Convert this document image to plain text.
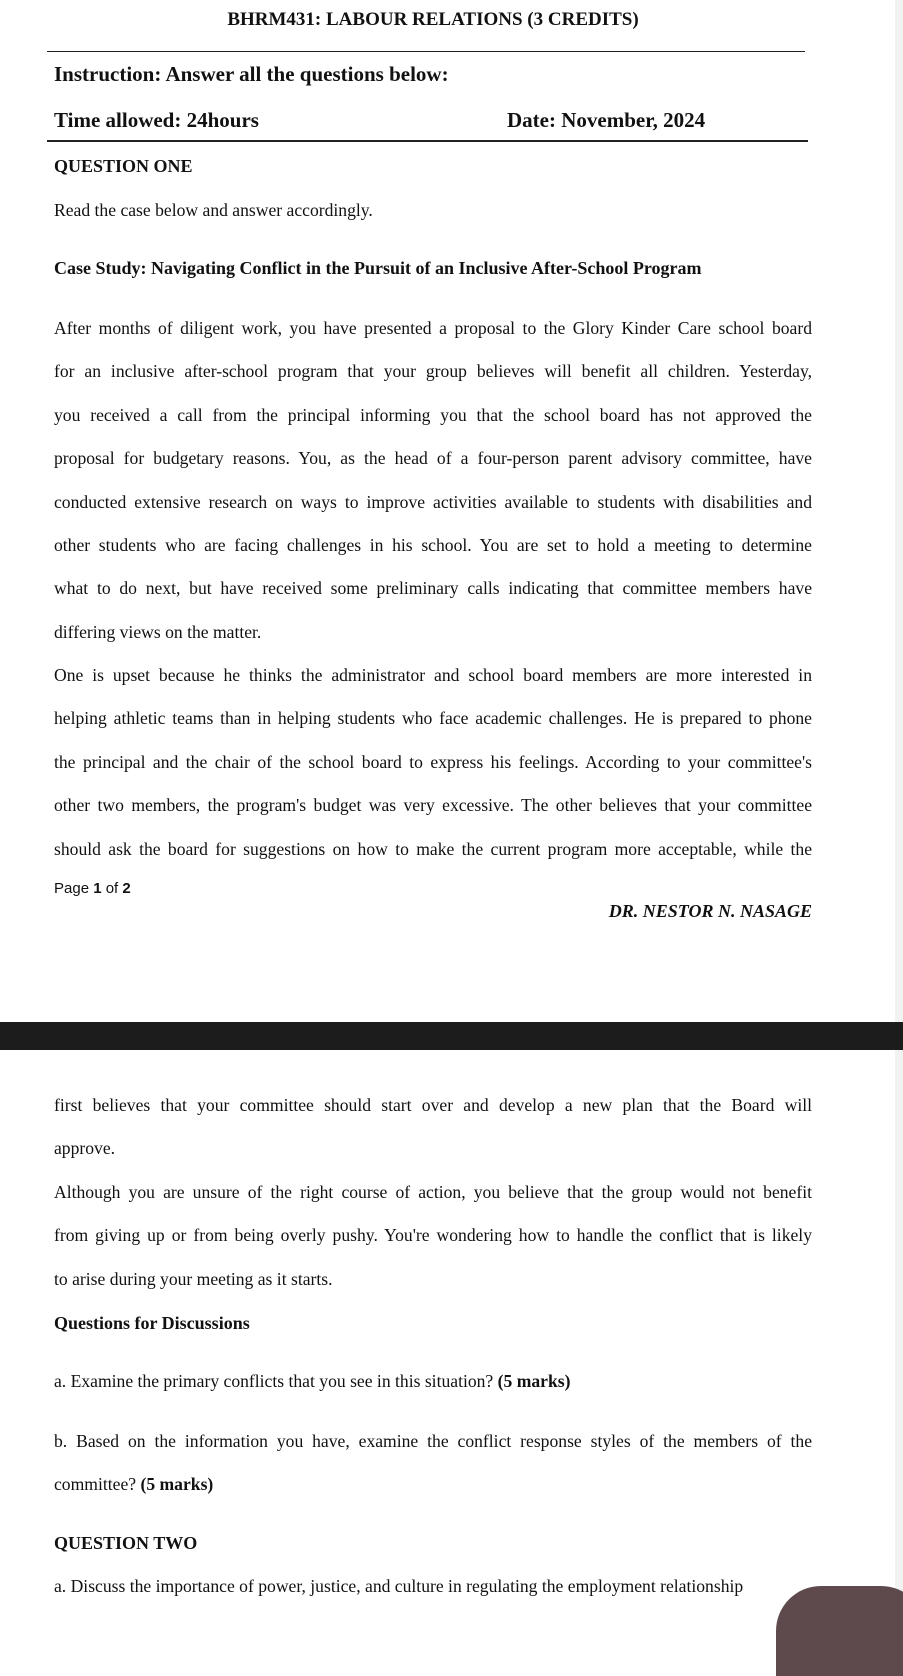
BHRM431: LABOUR RELATIONS (3 CREDITS)
Instruction: Answer all the questions below:
Time allowed: 24hours	Date: November, 2024
QUESTION ONE
Read the case below and answer accordingly.
Case Study: Navigating Conflict in the Pursuit of an Inclusive After-School Program

After months of diligent work, you have presented a proposal to the Glory Kinder Care school board
for an inclusive after-school program that your group believes will benefit all children. Yesterday,
you received a call from the principal informing you that the school board has not approved the
proposal for budgetary reasons. You, as the head of a four-person parent advisory committee, have
conducted extensive research on ways to improve activities available to students with disabilities and
other students who are facing challenges in his school. You are set to hold a meeting to determine
what to do next, but have received some preliminary calls indicating that committee members have
differing views on the matter.

One is upset because he thinks the administrator and school board members are more interested in
helping athletic teams than in helping students who face academic challenges. He is prepared to phone
the principal and the chair of the school board to express his feelings. According to your committee's
other two members, the program's budget was very excessive. The other believes that your committee
should ask the board for suggestions on how to make the current program more acceptable, while the

Page 1 of 2
DR. NESTOR N. NASAGE

first believes that your committee should start over and develop a new plan that the Board will
approve.

Although you are unsure of the right course of action, you believe that the group would not benefit
from giving up or from being overly pushy. You're wondering how to handle the conflict that is likely
to arise during your meeting as it starts.

Questions for Discussions
a. Examine the primary conflicts that you see in this situation? (5 marks)
b. Based on the information you have, examine the conflict response styles of the members of the
committee? (5 marks)
QUESTION TWO
a. Discuss the importance of power, justice, and culture in regulating the employment relationship
